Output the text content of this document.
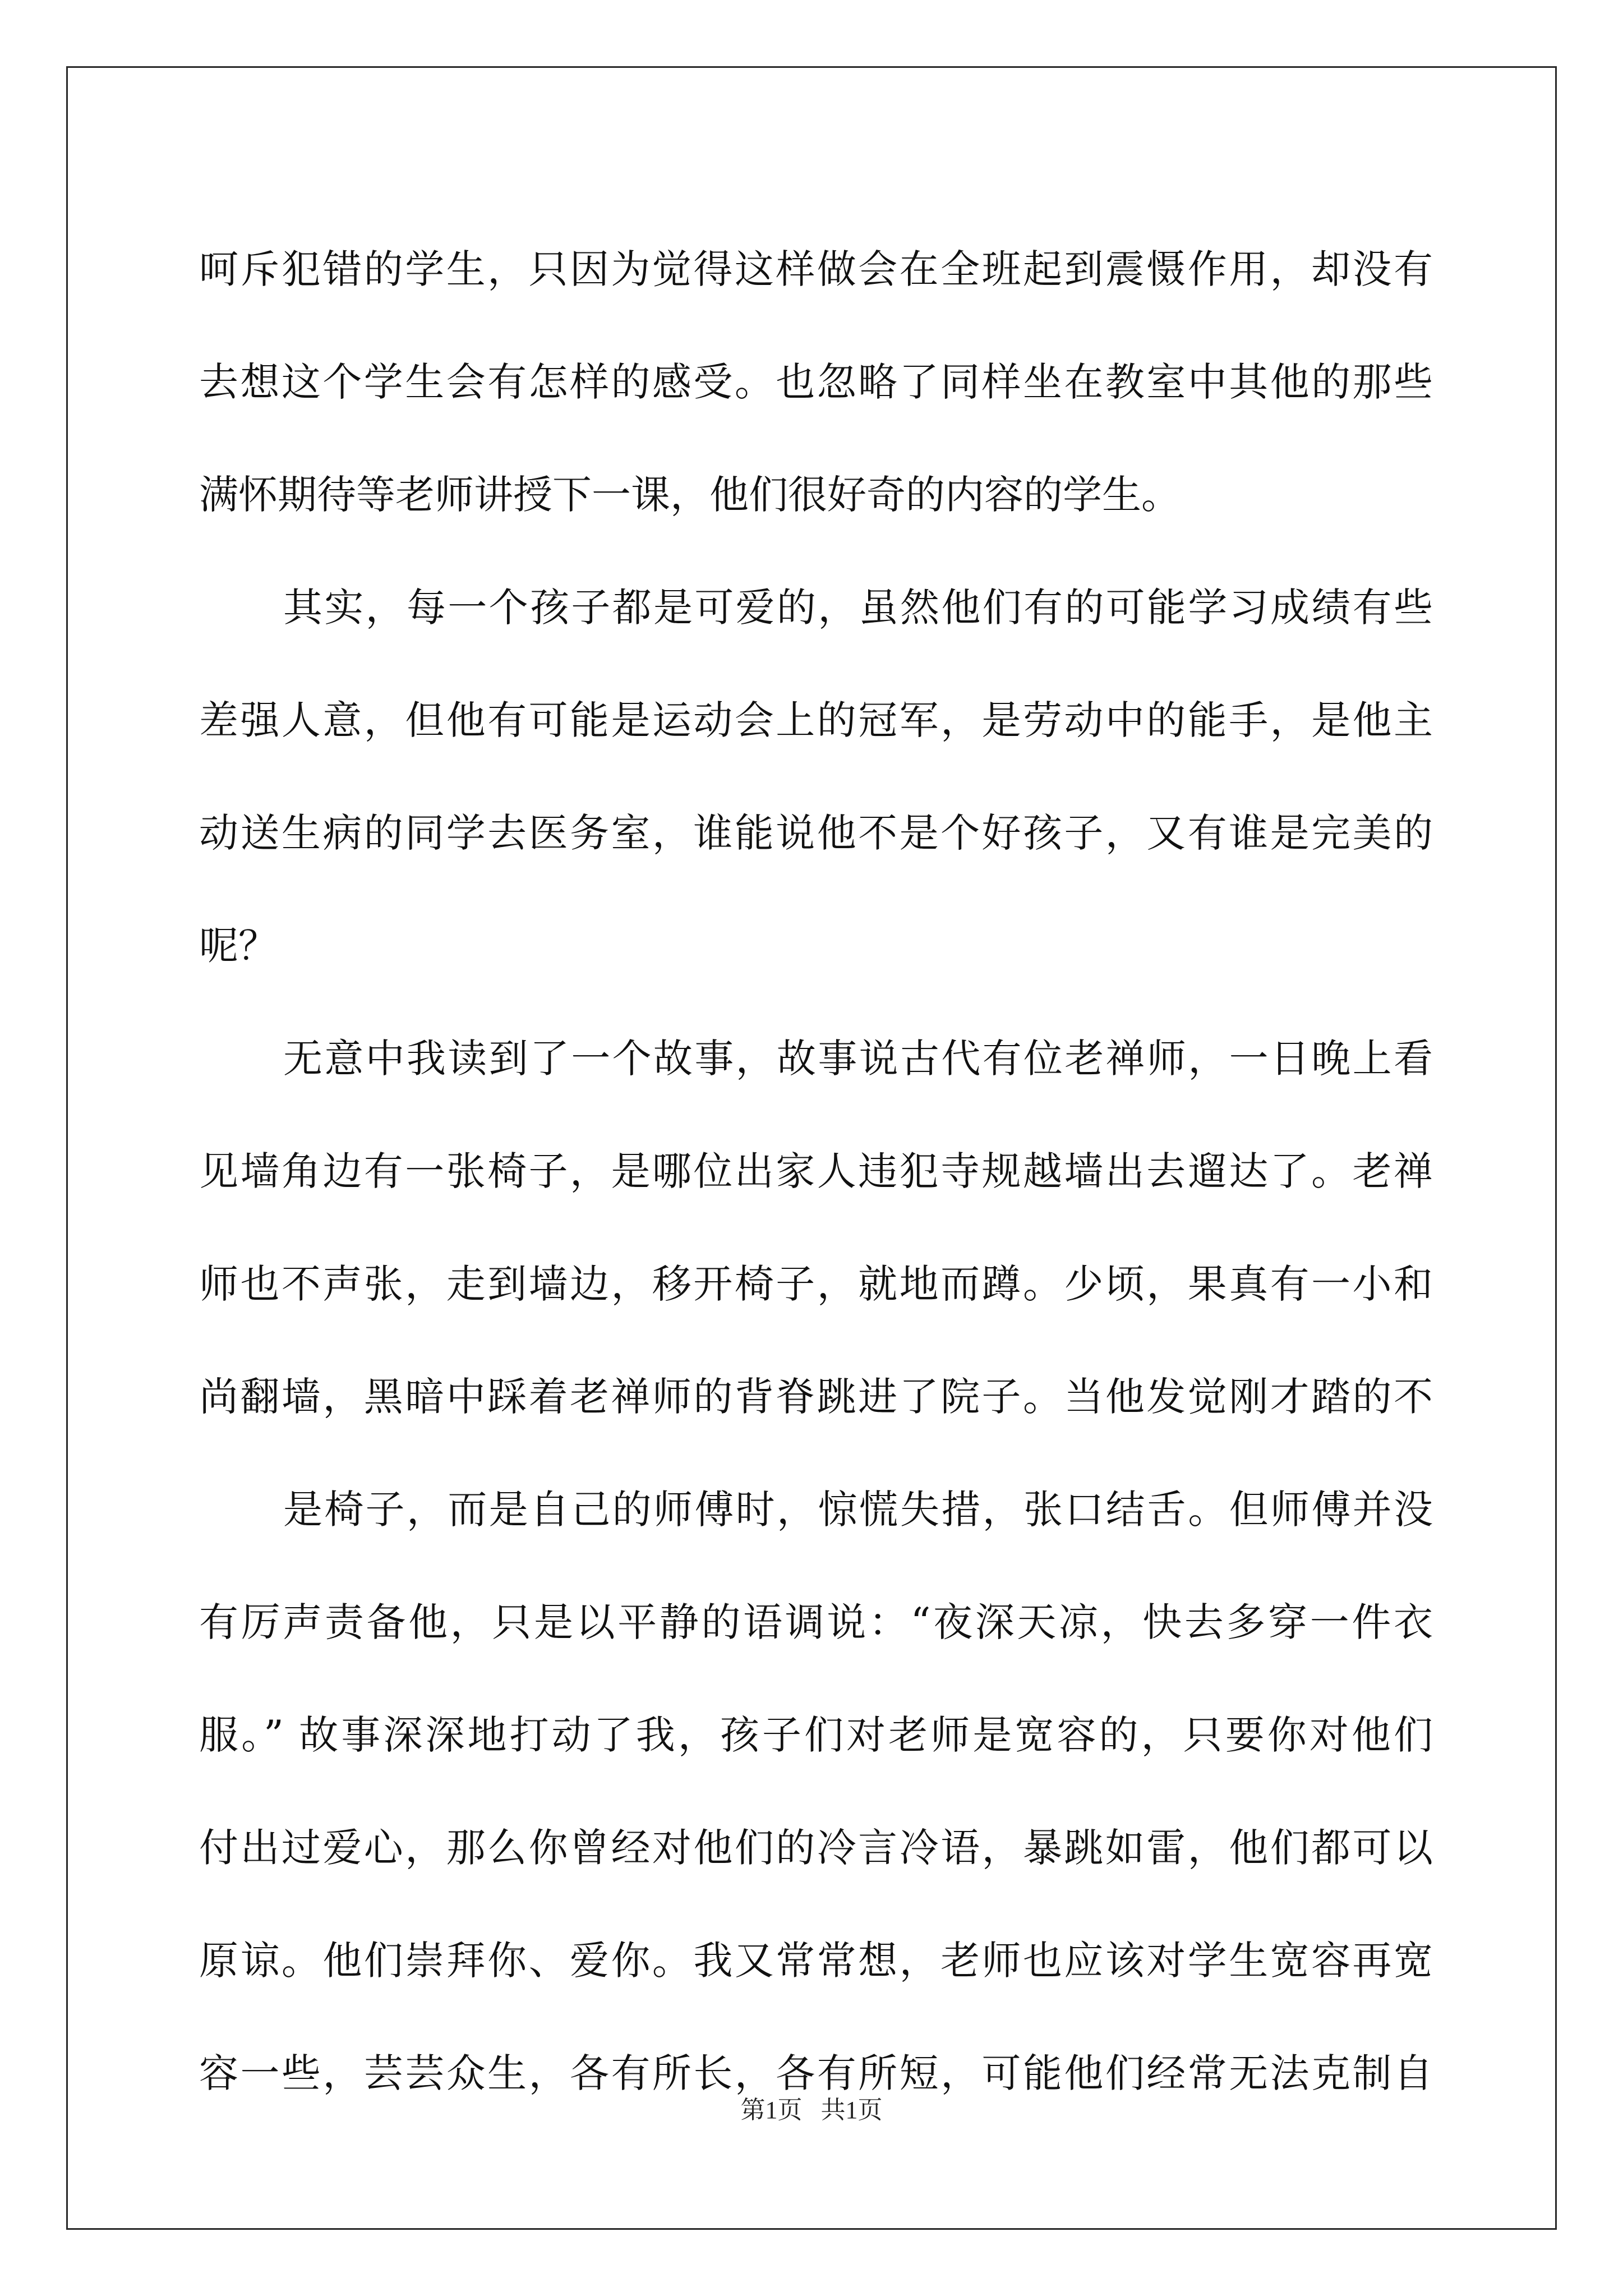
呵斥犯错的学生，只因为觉得这样做会在全班起到震慑作用，却没有
去想这个学生会有怎样的感受。也忽略了同样坐在教室中其他的那些
满怀期待等老师讲授下一课，他们很好奇的内容的学生。
其实，每一个孩子都是可爱的，虽然他们有的可能学习成绩有些
差强人意，但他有可能是运动会上的冠军，是劳动中的能手，是他主
动送生病的同学去医务室，谁能说他不是个好孩子，又有谁是完美的
呢？
无意中我读到了一个故事，故事说古代有位老禅师，一日晚上看
见墙角边有一张椅子，是哪位出家人违犯寺规越墙出去遛达了。老禅
师也不声张，走到墙边，移开椅子，就地而蹲。少顷，果真有一小和
尚翻墙，黑暗中踩着老禅师的背脊跳进了院子。当他发觉刚才踏的不
是椅子，而是自己的师傅时，惊慌失措，张口结舌。但师傅并没
有厉声责备他，只是以平静的语调说：“夜深天凉，快去多穿一件衣
服。” 故事深深地打动了我，孩子们对老师是宽容的，只要你对他们
付出过爱心，那么你曾经对他们的冷言冷语，暴跳如雷，他们都可以
原谅。他们崇拜你、爱你。我又常常想，老师也应该对学生宽容再宽
容一些，芸芸众生，各有所长，各有所短，可能他们经常无法克制自
第1页   共1页
